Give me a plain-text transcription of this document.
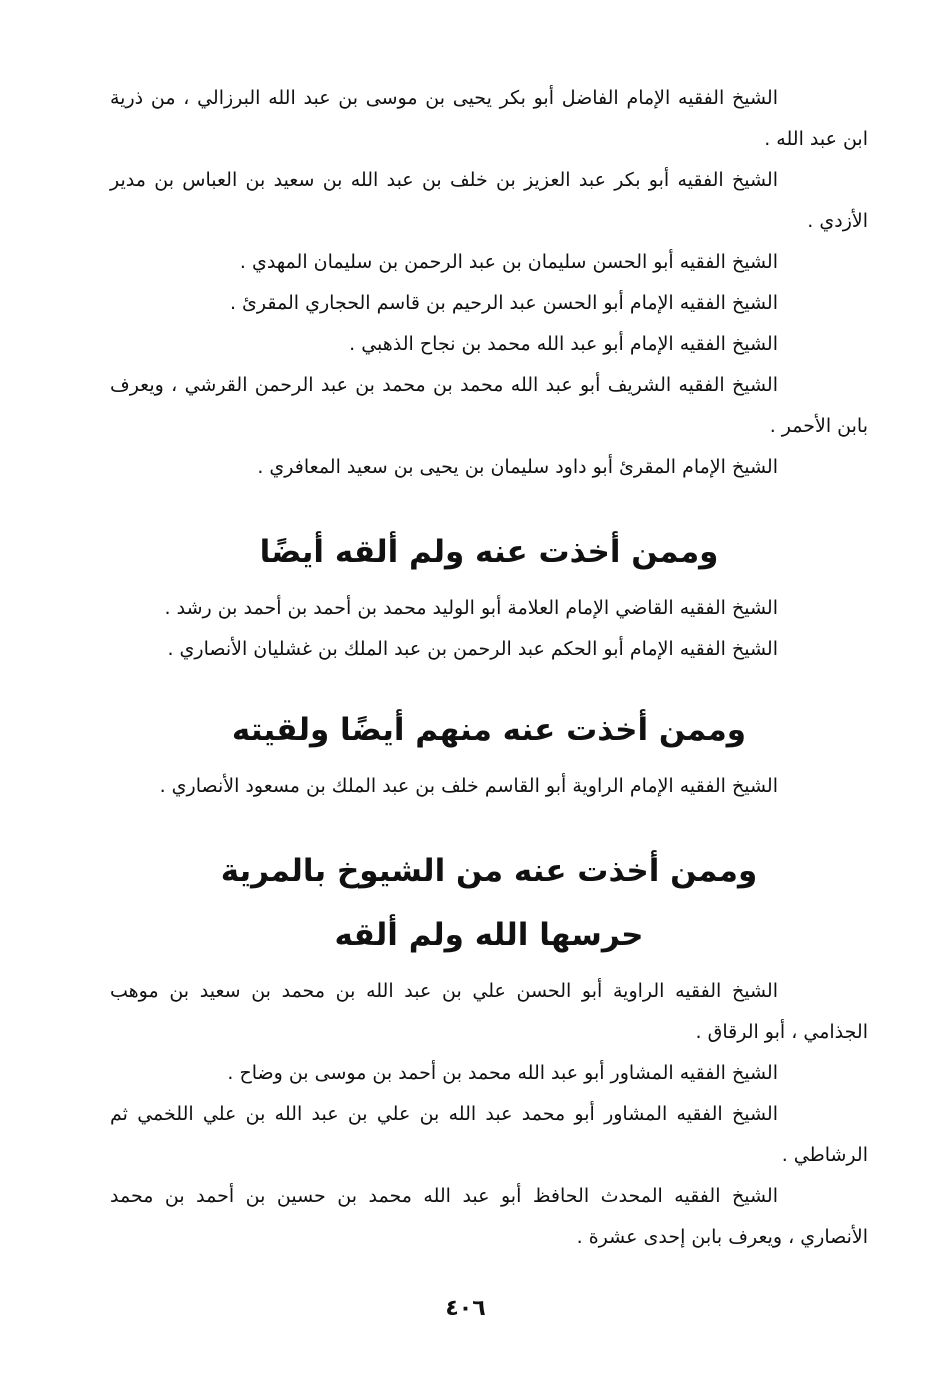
الشيخ الفقيه الإمام الفاضل أبو بكر يحيى بن موسى بن عبد الله البرزالي ، من ذرية ابن عبد الله .
الشيخ الفقيه أبو بكر عبد العزيز بن خلف بن عبد الله بن سعيد بن العباس بن مدير الأزدي .
الشيخ الفقيه أبو الحسن سليمان بن عبد الرحمن بن سليمان المهدي .
الشيخ الفقيه الإمام أبو الحسن عبد الرحيم بن قاسم الحجاري المقرئ .
الشيخ الفقيه الإمام أبو عبد الله محمد بن نجاح الذهبي .
الشيخ الفقيه الشريف أبو عبد الله محمد بن محمد بن عبد الرحمن القرشي ، ويعرف بابن الأحمر .
الشيخ الإمام المقرئ أبو داود سليمان بن يحيى بن سعيد المعافري .
وممن أخذت عنه ولم ألقه أيضًا
الشيخ الفقيه القاضي الإمام العلامة أبو الوليد محمد بن أحمد بن أحمد بن رشد .
الشيخ الفقيه الإمام أبو الحكم عبد الرحمن بن عبد الملك بن غشليان الأنصاري .
وممن أخذت عنه منهم أيضًا ولقيته
الشيخ الفقيه الإمام الراوية أبو القاسم خلف بن عبد الملك بن مسعود الأنصاري .
وممن أخذت عنه من الشيوخ بالمرية
حرسها الله ولم ألقه
الشيخ الفقيه الراوية أبو الحسن علي بن عبد الله بن محمد بن سعيد بن موهب الجذامي ، أبو الرقاق .
الشيخ الفقيه المشاور أبو عبد الله محمد بن أحمد بن موسى بن وضاح .
الشيخ الفقيه المشاور أبو محمد عبد الله بن علي بن عبد الله بن علي اللخمي ثم الرشاطي .
الشيخ الفقيه المحدث الحافظ أبو عبد الله محمد بن حسين بن أحمد بن محمد الأنصاري ، ويعرف بابن إحدى عشرة .
٤٠٦
